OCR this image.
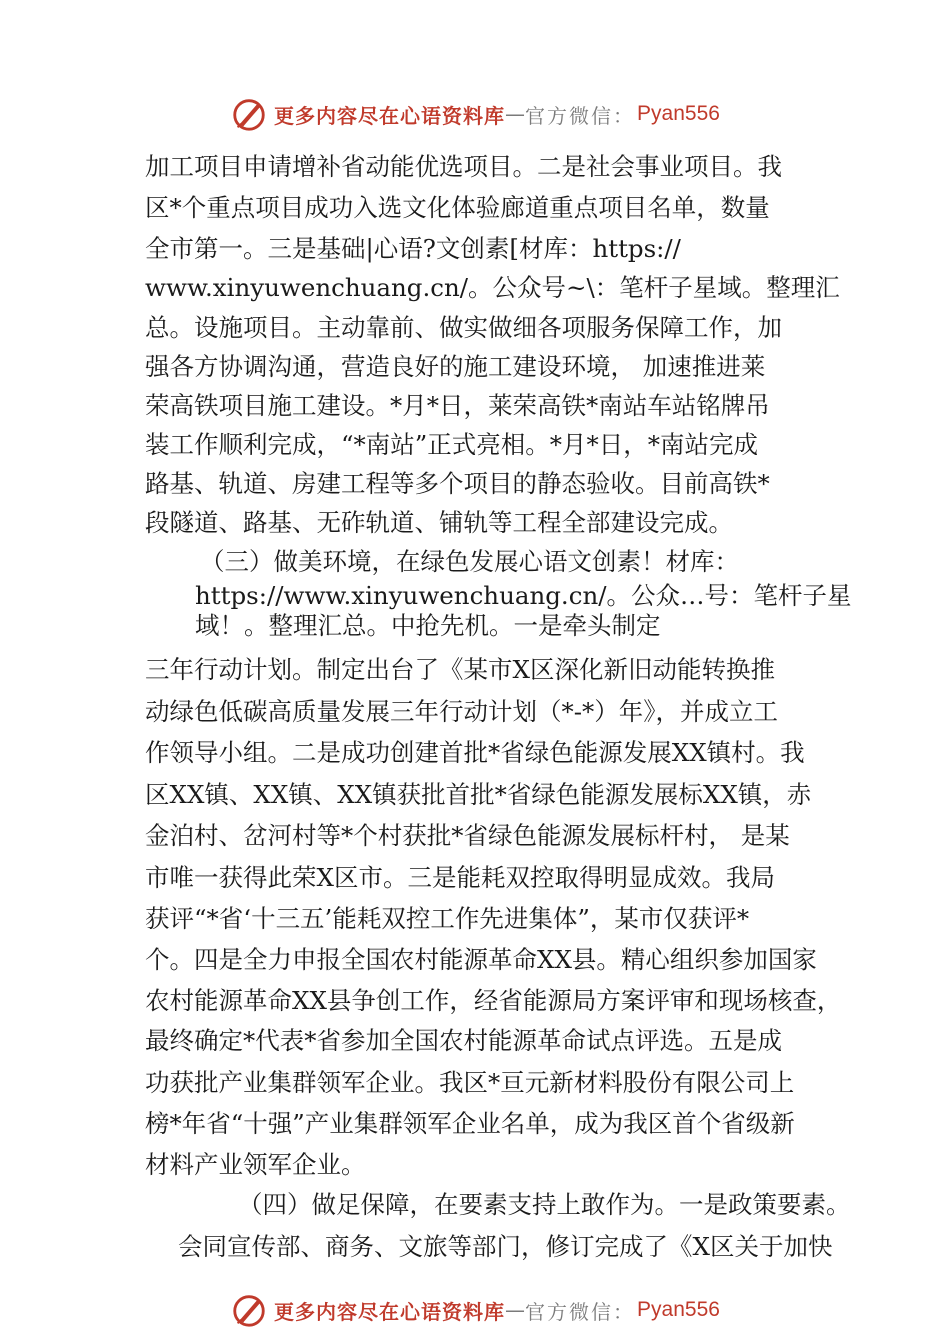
更多内容尽在心语资料库 — 官方微信： Pyan556
加工项目申请增补省动能优选项目。二是社会事业项目。我
区*个重点项目成功入选文化体验廊道重点项目名单，数量
全市第一。三是基础|心语?文创素[材库：https://
www.xinyuwenchuang.cn/。公众号~\：笔杆子星域。整理汇
总。设施项目。主动靠前、做实做细各项服务保障工作，加
强各方协调沟通，营造良好的施工建设环境， 加速推进莱
荣高铁项目施工建设。*月*日，莱荣高铁*南站车站铭牌吊
装工作顺利完成，“*南站”正式亮相。*月*日，*南站完成
路基、轨道、房建工程等多个项目的静态验收。目前高铁*
段隧道、路基、无砟轨道、铺轨等工程全部建设完成。
（三）做美环境，在绿色发展心语文创素！材库：
https://www.xinyuwenchuang.cn/。公众…号：笔杆子星
域！。整理汇总。中抢先机。一是牵头制定
三年行动计划。制定出台了《某市X区深化新旧动能转换推
动绿色低碳高质量发展三年行动计划（*-*）年》，并成立工
作领导小组。二是成功创建首批*省绿色能源发展XX镇村。我
区XX镇、XX镇、XX镇获批首批*省绿色能源发展标XX镇，赤
金泊村、岔河村等*个村获批*省绿色能源发展标杆村， 是某
市唯一获得此荣X区市。三是能耗双控取得明显成效。我局
获评“*省‘十三五’能耗双控工作先进集体”，某市仅获评*
个。四是全力申报全国农村能源革命XX县。精心组织参加国家
农村能源革命XX县争创工作，经省能源局方案评审和现场核查，
最终确定*代表*省参加全国农村能源革命试点评选。五是成
功获批产业集群领军企业。我区*亘元新材料股份有限公司上
榜*年省“十强”产业集群领军企业名单，成为我区首个省级新
材料产业领军企业。
（四）做足保障，在要素支持上敢作为。一是政策要素。
会同宣传部、商务、文旅等部门，修订完成了《X区关于加快
更多内容尽在心语资料库 — 官方微信： Pyan556
